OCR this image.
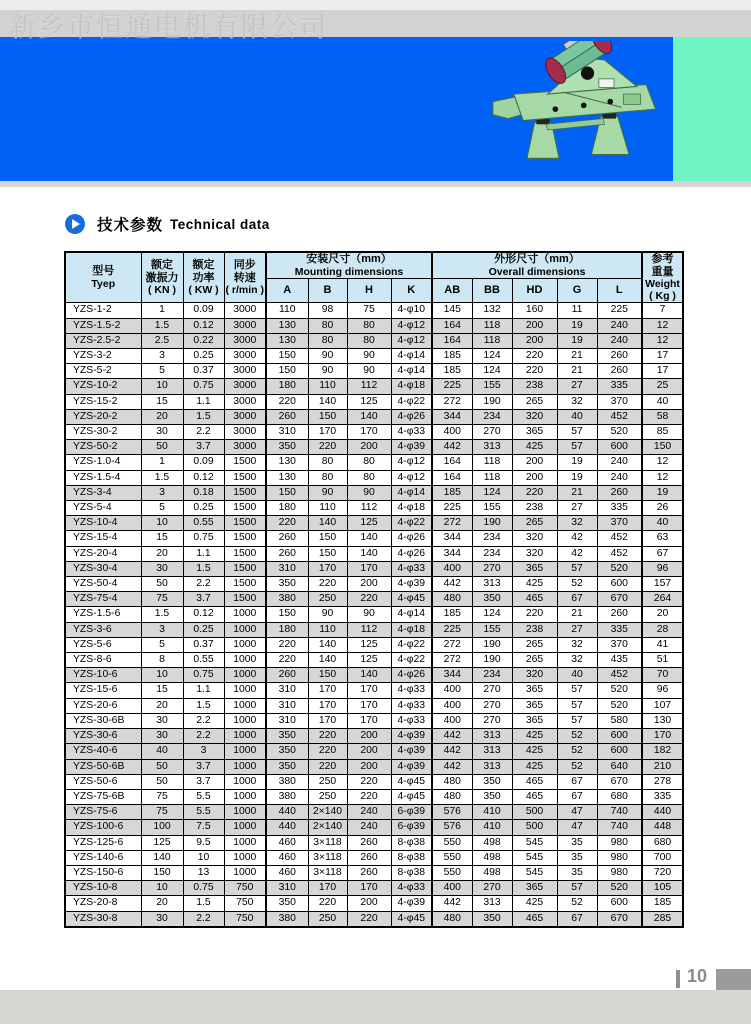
新乡市恒通电机有限公司
技术参数 Technical data
型号
Tyep

额定
激振力
( KN )

额定
功率
( KW )

同步
转速
( r/min )

安装尺寸（mm）
Mounting dimensions

外形尺寸（mm）
Overall dimensions

参考
重量
Weight
( Kg )

				A	B	H	K	AB	BB	HD	G	L	
YZS-1-2	1	0.09	3000	110	98	75	4-φ10	145	132	160	11	225	7
YZS-1.5-2	1.5	0.12	3000	130	80	80	4-φ12	164	118	200	19	240	12
YZS-2.5-2	2.5	0.22	3000	130	80	80	4-φ12	164	118	200	19	240	12
YZS-3-2	3	0.25	3000	150	90	90	4-φ14	185	124	220	21	260	17
YZS-5-2	5	0.37	3000	150	90	90	4-φ14	185	124	220	21	260	17
YZS-10-2	10	0.75	3000	180	110	112	4-φ18	225	155	238	27	335	25
YZS-15-2	15	1.1	3000	220	140	125	4-φ22	272	190	265	32	370	40
YZS-20-2	20	1.5	3000	260	150	140	4-φ26	344	234	320	40	452	58
YZS-30-2	30	2.2	3000	310	170	170	4-φ33	400	270	365	57	520	85
YZS-50-2	50	3.7	3000	350	220	200	4-φ39	442	313	425	57	600	150
YZS-1.0-4	1	0.09	1500	130	80	80	4-φ12	164	118	200	19	240	12
YZS-1.5-4	1.5	0.12	1500	130	80	80	4-φ12	164	118	200	19	240	12
YZS-3-4	3	0.18	1500	150	90	90	4-φ14	185	124	220	21	260	19
YZS-5-4	5	0.25	1500	180	110	112	4-φ18	225	155	238	27	335	26
YZS-10-4	10	0.55	1500	220	140	125	4-φ22	272	190	265	32	370	40
YZS-15-4	15	0.75	1500	260	150	140	4-φ26	344	234	320	42	452	63
YZS-20-4	20	1.1	1500	260	150	140	4-φ26	344	234	320	42	452	67
YZS-30-4	30	1.5	1500	310	170	170	4-φ33	400	270	365	57	520	96
YZS-50-4	50	2.2	1500	350	220	200	4-φ39	442	313	425	52	600	157
YZS-75-4	75	3.7	1500	380	250	220	4-φ45	480	350	465	67	670	264
YZS-1.5-6	1.5	0.12	1000	150	90	90	4-φ14	185	124	220	21	260	20
YZS-3-6	3	0.25	1000	180	110	112	4-φ18	225	155	238	27	335	28
YZS-5-6	5	0.37	1000	220	140	125	4-φ22	272	190	265	32	370	41
YZS-8-6	8	0.55	1000	220	140	125	4-φ22	272	190	265	32	435	51
YZS-10-6	10	0.75	1000	260	150	140	4-φ26	344	234	320	40	452	70
YZS-15-6	15	1.1	1000	310	170	170	4-φ33	400	270	365	57	520	96
YZS-20-6	20	1.5	1000	310	170	170	4-φ33	400	270	365	57	520	107
YZS-30-6B	30	2.2	1000	310	170	170	4-φ33	400	270	365	57	580	130
YZS-30-6	30	2.2	1000	350	220	200	4-φ39	442	313	425	52	600	170
YZS-40-6	40	3	1000	350	220	200	4-φ39	442	313	425	52	600	182
YZS-50-6B	50	3.7	1000	350	220	200	4-φ39	442	313	425	52	640	210
YZS-50-6	50	3.7	1000	380	250	220	4-φ45	480	350	465	67	670	278
YZS-75-6B	75	5.5	1000	380	250	220	4-φ45	480	350	465	67	680	335
YZS-75-6	75	5.5	1000	440	2×140	240	6-φ39	576	410	500	47	740	440
YZS-100-6	100	7.5	1000	440	2×140	240	6-φ39	576	410	500	47	740	448
YZS-125-6	125	9.5	1000	460	3×118	260	8-φ38	550	498	545	35	980	680
YZS-140-6	140	10	1000	460	3×118	260	8-φ38	550	498	545	35	980	700
YZS-150-6	150	13	1000	460	3×118	260	8-φ38	550	498	545	35	980	720
YZS-10-8	10	0.75	750	310	170	170	4-φ33	400	270	365	57	520	105
YZS-20-8	20	1.5	750	350	220	200	4-φ39	442	313	425	52	600	185
YZS-30-8	30	2.2	750	380	250	220	4-φ45	480	350	465	67	670	285
10
